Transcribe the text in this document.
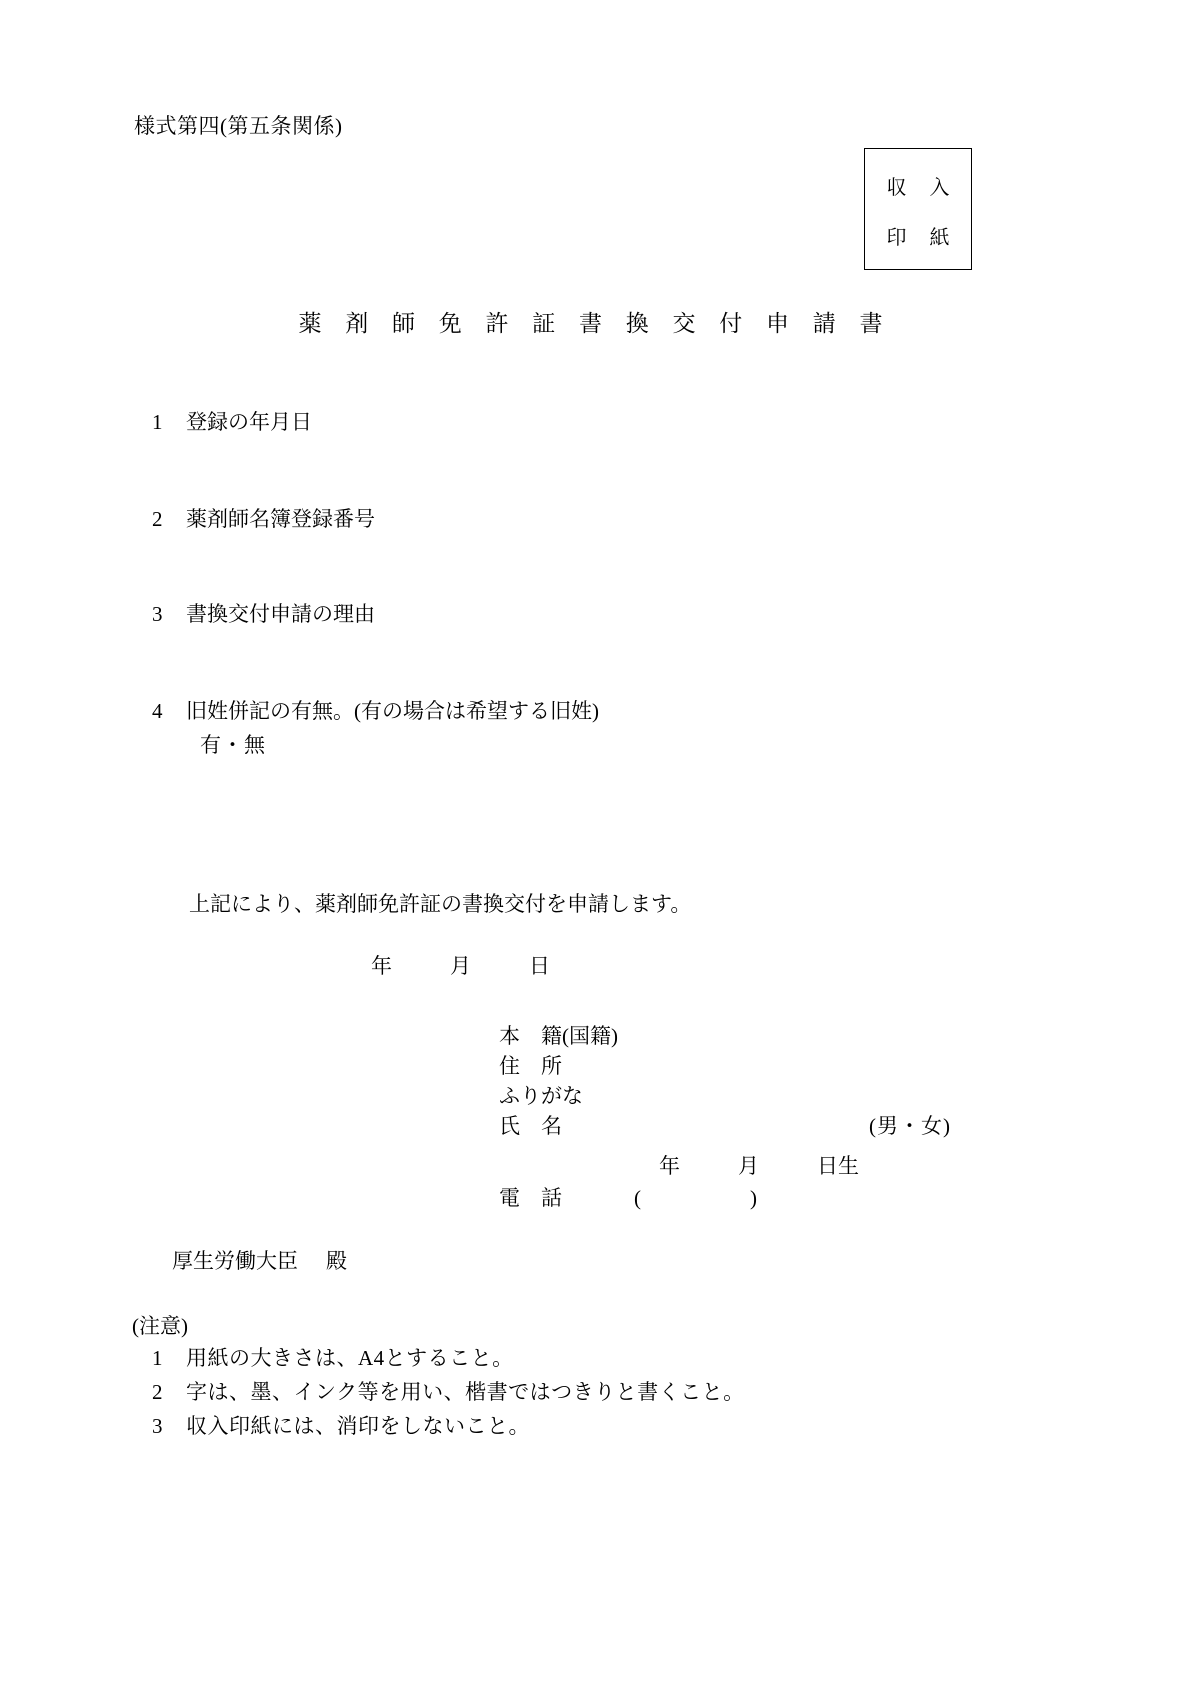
様式第四(第五条関係)
収 入
印 紙
薬 剤 師 免 許 証 書 換 交 付 申 請 書
1 登録の年月日
2 薬剤師名簿登録番号
3 書換交付申請の理由
4 旧姓併記の有無。(有の場合は希望する旧姓)
有・無
上記により、薬剤師免許証の書換交付を申請します。
年	月	日
本　籍(国籍)
住　所
ふりがな
氏　名	(男・女)
年	月	日生
電　話	(　)
厚生労働大臣 殿
(注意)
1 用紙の大きさは、A4とすること。
2 字は、墨、インク等を用い、楷書ではつきりと書くこと。
3 収入印紙には、消印をしないこと。
